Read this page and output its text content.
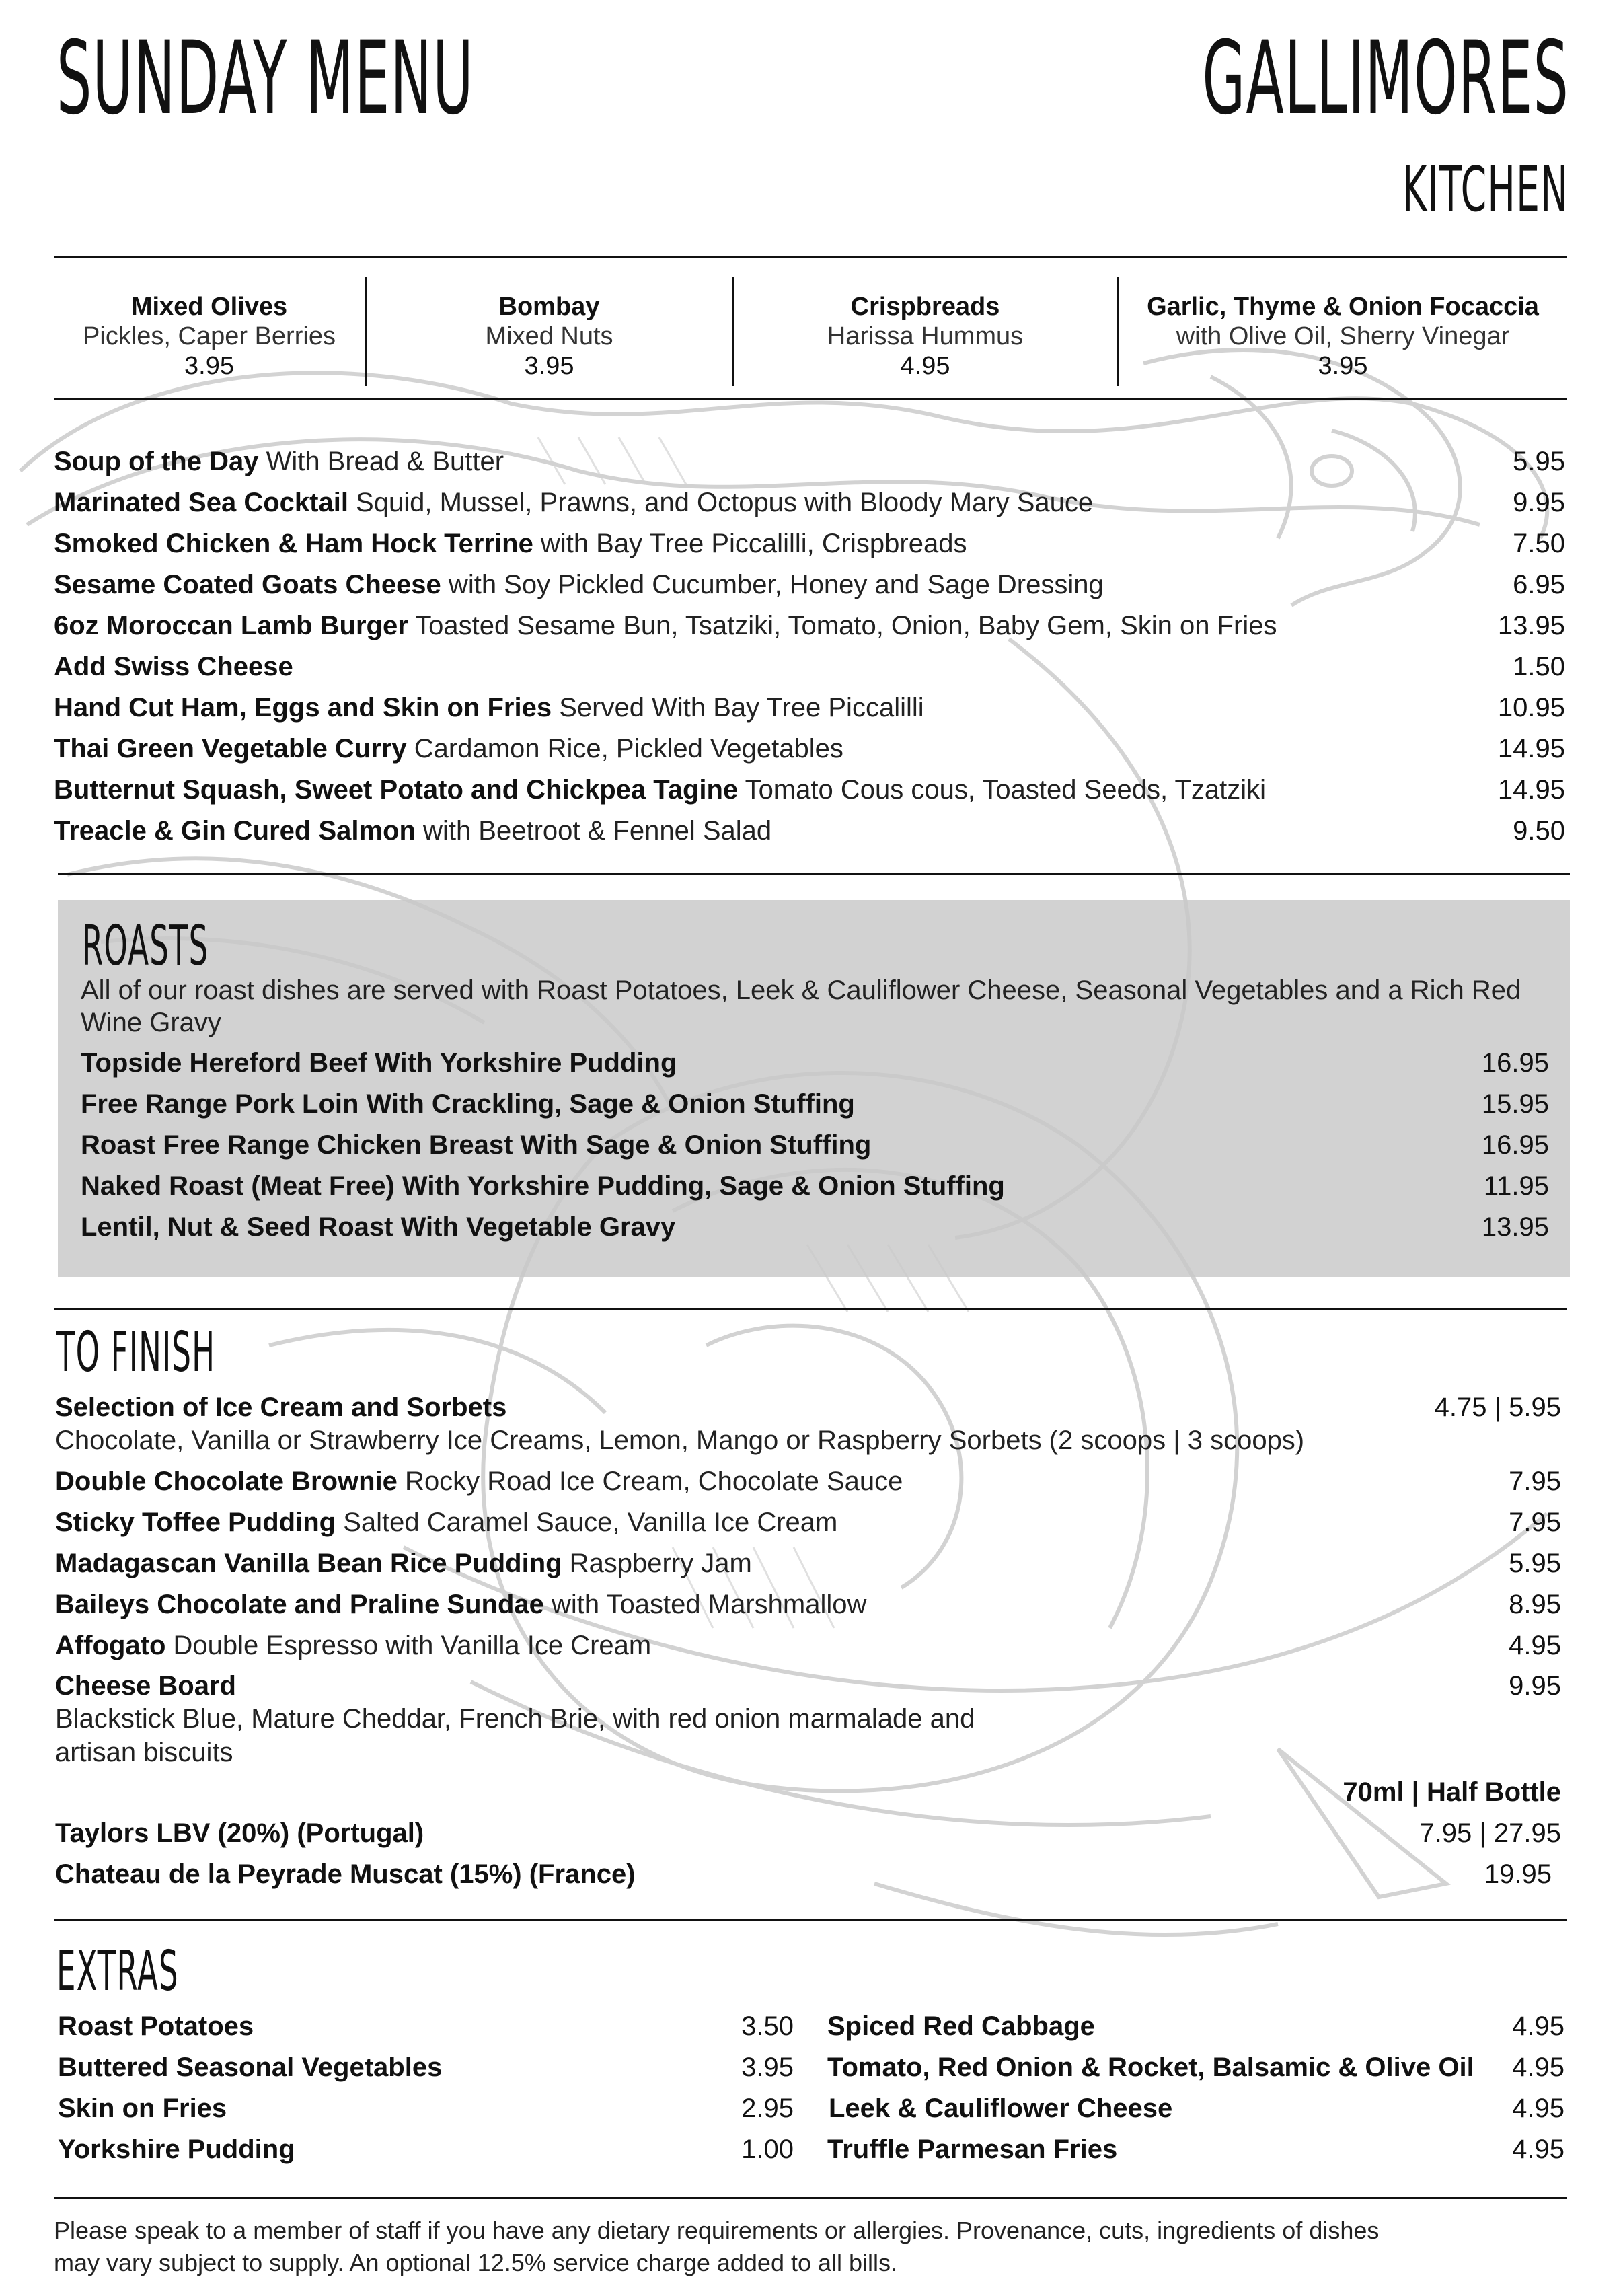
SUNDAY MENU	GALLIMORES
KITCHEN
Mixed Olives
Pickles, Caper Berries
3.95
Bombay
Mixed Nuts
3.95
Crispbreads
Harissa Hummus
4.95
Garlic, Thyme & Onion Focaccia
with Olive Oil, Sherry Vinegar
3.95
Soup of the Day With Bread & Butter	5.95
Marinated Sea Cocktail Squid, Mussel, Prawns, and Octopus with Bloody Mary Sauce	9.95
Smoked Chicken & Ham Hock Terrine with Bay Tree Piccalilli, Crispbreads	7.50
Sesame Coated Goats Cheese with Soy Pickled Cucumber, Honey and Sage Dressing	6.95
6oz Moroccan Lamb Burger Toasted Sesame Bun, Tsatziki, Tomato, Onion, Baby Gem, Skin on Fries	13.95
Add Swiss Cheese	1.50
Hand Cut Ham, Eggs and Skin on Fries Served With Bay Tree Piccalilli	10.95
Thai Green Vegetable Curry Cardamon Rice, Pickled Vegetables	14.95
Butternut Squash, Sweet Potato and Chickpea Tagine Tomato Cous cous, Toasted Seeds, Tzatziki	14.95
Treacle & Gin Cured Salmon with Beetroot & Fennel Salad	9.50
ROASTS
All of our roast dishes are served with Roast Potatoes, Leek & Cauliflower Cheese, Seasonal Vegetables and a Rich Red Wine Gravy
Topside Hereford Beef With Yorkshire Pudding	16.95
Free Range Pork Loin With Crackling, Sage & Onion Stuffing	15.95
Roast Free Range Chicken Breast With Sage & Onion Stuffing	16.95
Naked Roast (Meat Free) With Yorkshire Pudding, Sage & Onion Stuffing	11.95
Lentil, Nut & Seed Roast With Vegetable Gravy	13.95
TO FINISH
Selection of Ice Cream and Sorbets	4.75 | 5.95
Chocolate, Vanilla or Strawberry Ice Creams, Lemon, Mango or Raspberry Sorbets (2 scoops | 3 scoops)
Double Chocolate Brownie Rocky Road Ice Cream, Chocolate Sauce	7.95
Sticky Toffee Pudding Salted Caramel Sauce, Vanilla Ice Cream	7.95
Madagascan Vanilla Bean Rice Pudding Raspberry Jam	5.95
Baileys Chocolate and Praline Sundae with Toasted Marshmallow	8.95
Affogato Double Espresso with Vanilla Ice Cream	4.95
Cheese Board	9.95
Blackstick Blue, Mature Cheddar, French Brie, with red onion marmalade and
artisan biscuits
70ml | Half Bottle
Taylors LBV (20%) (Portugal)	7.95 | 27.95
Chateau de la Peyrade Muscat (15%) (France)	19.95
EXTRAS
Roast Potatoes	3.50
Buttered Seasonal Vegetables	3.95
Skin on Fries	2.95
Yorkshire Pudding	1.00
Spiced Red Cabbage	4.95
Tomato, Red Onion & Rocket, Balsamic & Olive Oil 4.95
Leek & Cauliflower Cheese	4.95
Truffle Parmesan Fries	4.95
Please speak to a member of staff if you have any dietary requirements or allergies. Provenance, cuts, ingredients of dishes
may vary subject to supply. An optional 12.5% service charge added to all bills.
